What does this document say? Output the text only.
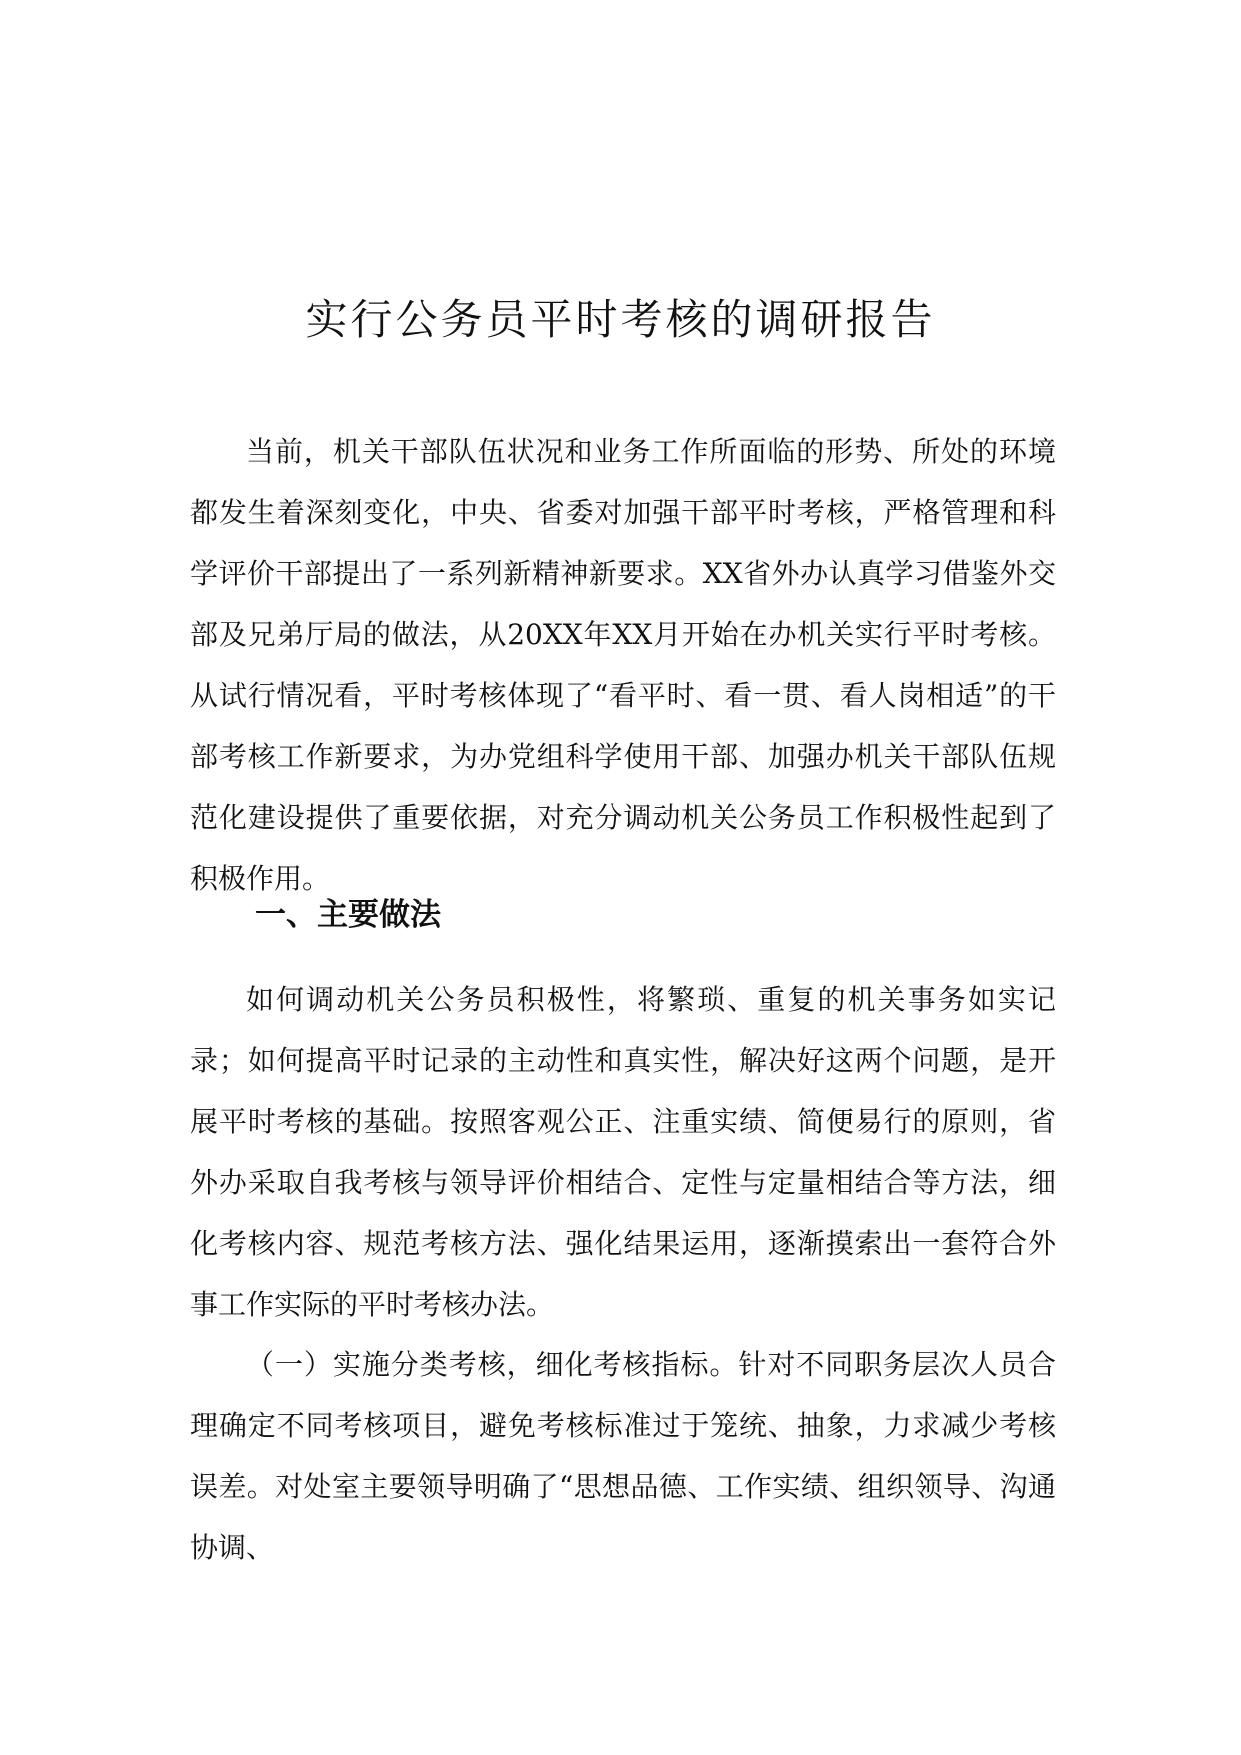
实行公务员平时考核的调研报告

当前，机关干部队伍状况和业务工作所面临的形势、所处的环境都发生着深刻变化，中央、省委对加强干部平时考核，严格管理和科学评价干部提出了一系列新精神新要求。XX省外办认真学习借鉴外交部及兄弟厅局的做法，从20XX年XX月开始在办机关实行平时考核。从试行情况看，平时考核体现了“看平时、看一贯、看人岗相适”的干部考核工作新要求，为办党组科学使用干部、加强办机关干部队伍规范化建设提供了重要依据，对充分调动机关公务员工作积极性起到了积极作用。

一、主要做法

如何调动机关公务员积极性，将繁琐、重复的机关事务如实记录；如何提高平时记录的主动性和真实性，解决好这两个问题，是开展平时考核的基础。按照客观公正、注重实绩、简便易行的原则，省外办采取自我考核与领导评价相结合、定性与定量相结合等方法，细化考核内容、规范考核方法、强化结果运用，逐渐摸索出一套符合外事工作实际的平时考核办法。

（一）实施分类考核，细化考核指标。针对不同职务层次人员合理确定不同考核项目，避免考核标准过于笼统、抽象，力求减少考核误差。对处室主要领导明确了“思想品德、工作实绩、组织领导、沟通协调、
